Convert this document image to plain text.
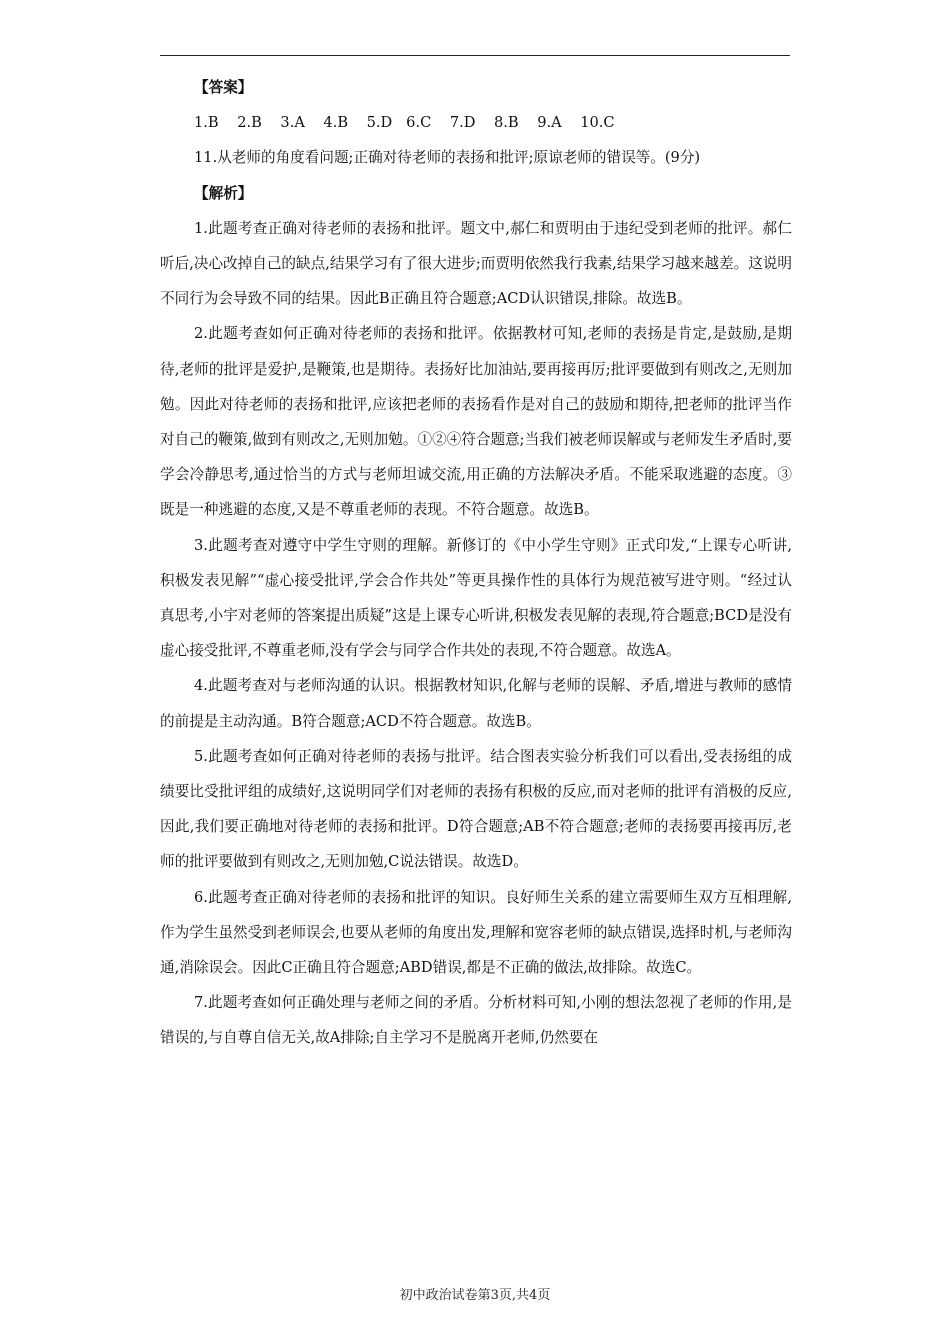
【答案】

1.B    2.B    3.A    4.B    5.D   6.C    7.D    8.B    9.A    10.C

11.从老师的角度看问题;正确对待老师的表扬和批评;原谅老师的错误等。(9分)

【解析】

1.此题考查正确对待老师的表扬和批评。题文中,郝仁和贾明由于违纪受到老师的批评。郝仁听后,决心改掉自己的缺点,结果学习有了很大进步;而贾明依然我行我素,结果学习越来越差。这说明不同行为会导致不同的结果。因此B正确且符合题意;ACD认识错误,排除。故选B。

2.此题考查如何正确对待老师的表扬和批评。依据教材可知,老师的表扬是肯定,是鼓励,是期待,老师的批评是爱护,是鞭策,也是期待。表扬好比加油站,要再接再厉;批评要做到有则改之,无则加勉。因此对待老师的表扬和批评,应该把老师的表扬看作是对自己的鼓励和期待,把老师的批评当作对自己的鞭策,做到有则改之,无则加勉。①②④符合题意;当我们被老师误解或与老师发生矛盾时,要学会冷静思考,通过恰当的方式与老师坦诚交流,用正确的方法解决矛盾。不能采取逃避的态度。③既是一种逃避的态度,又是不尊重老师的表现。不符合题意。故选B。

3.此题考查对遵守中学生守则的理解。新修订的《中小学生守则》正式印发,“上课专心听讲,积极发表见解”“虚心接受批评,学会合作共处”等更具操作性的具体行为规范被写进守则。“经过认真思考,小宇对老师的答案提出质疑”这是上课专心听讲,积极发表见解的表现,符合题意;BCD是没有虚心接受批评,不尊重老师,没有学会与同学合作共处的表现,不符合题意。故选A。

4.此题考查对与老师沟通的认识。根据教材知识,化解与老师的误解、矛盾,增进与教师的感情的前提是主动沟通。B符合题意;ACD不符合题意。故选B。

5.此题考查如何正确对待老师的表扬与批评。结合图表实验分析我们可以看出,受表扬组的成绩要比受批评组的成绩好,这说明同学们对老师的表扬有积极的反应,而对老师的批评有消极的反应,因此,我们要正确地对待老师的表扬和批评。D符合题意;AB不符合题意;老师的表扬要再接再厉,老师的批评要做到有则改之,无则加勉,C说法错误。故选D。

6.此题考查正确对待老师的表扬和批评的知识。良好师生关系的建立需要师生双方互相理解,作为学生虽然受到老师误会,也要从老师的角度出发,理解和宽容老师的缺点错误,选择时机,与老师沟通,消除误会。因此C正确且符合题意;ABD错误,都是不正确的做法,故排除。故选C。

7.此题考查如何正确处理与老师之间的矛盾。分析材料可知,小刚的想法忽视了老师的作用,是错误的,与自尊自信无关,故A排除;自主学习不是脱离开老师,仍然要在

初中政治试卷第3页,共4页
